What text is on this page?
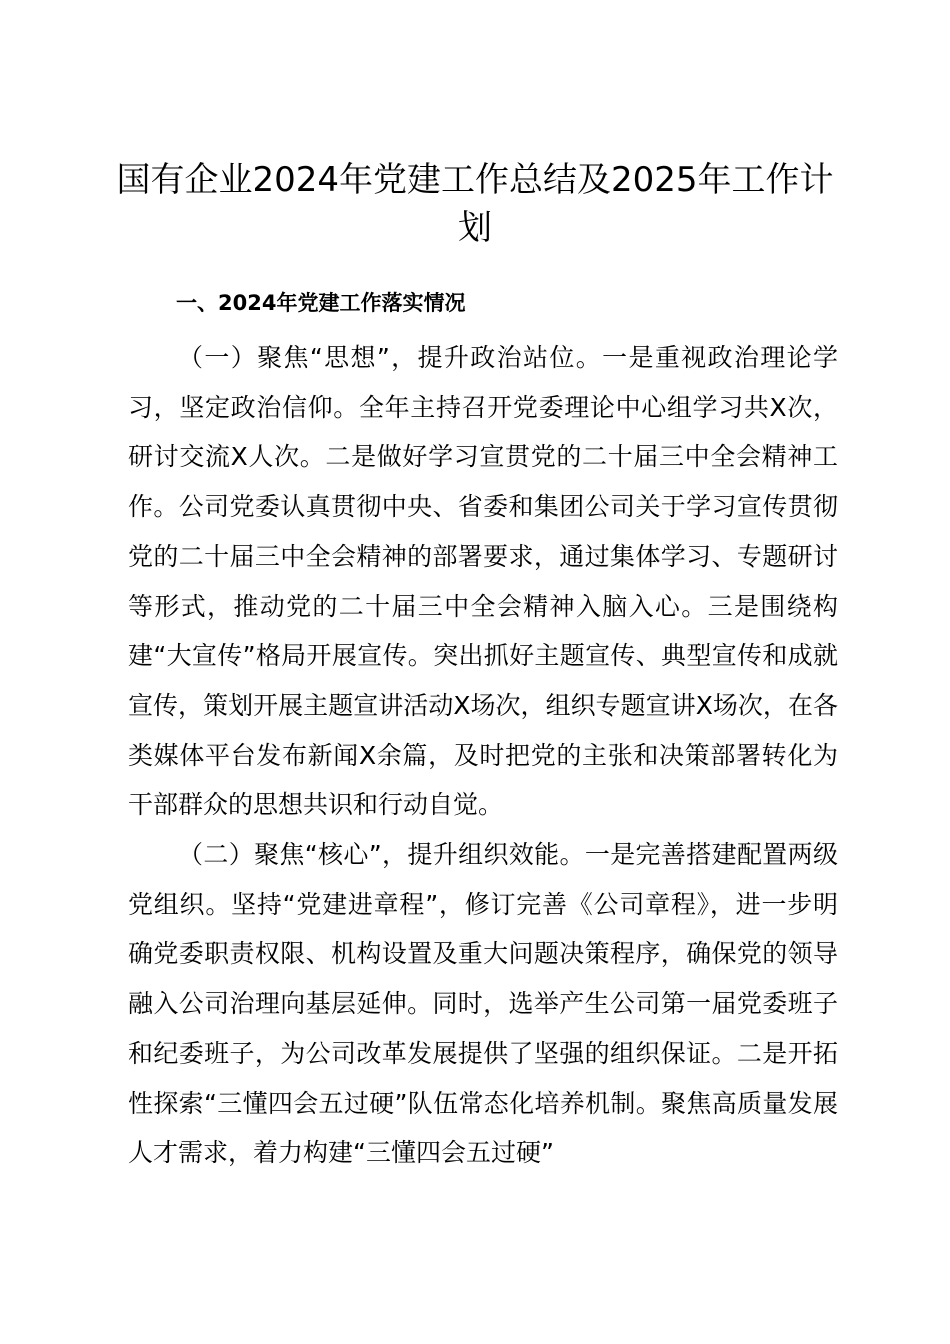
国有企业2024年党建工作总结及2025年工作计划
一、2024年党建工作落实情况

（一）聚焦“思想”，提升政治站位。一是重视政治理论学习，坚定政治信仰。全年主持召开党委理论中心组学习共X次，研讨交流X人次。二是做好学习宣贯党的二十届三中全会精神工作。公司党委认真贯彻中央、省委和集团公司关于学习宣传贯彻党的二十届三中全会精神的部署要求，通过集体学习、专题研讨等形式，推动党的二十届三中全会精神入脑入心。三是围绕构建“大宣传”格局开展宣传。突出抓好主题宣传、典型宣传和成就宣传，策划开展主题宣讲活动X场次，组织专题宣讲X场次，在各类媒体平台发布新闻X余篇，及时把党的主张和决策部署转化为干部群众的思想共识和行动自觉。

（二）聚焦“核心”，提升组织效能。一是完善搭建配置两级党组织。坚持“党建进章程”，修订完善《公司章程》，进一步明确党委职责权限、机构设置及重大问题决策程序，确保党的领导融入公司治理向基层延伸。同时，选举产生公司第一届党委班子和纪委班子，为公司改革发展提供了坚强的组织保证。二是开拓性探索“三懂四会五过硬”队伍常态化培养机制。聚焦高质量发展人才需求，着力构建“三懂四会五过硬”
